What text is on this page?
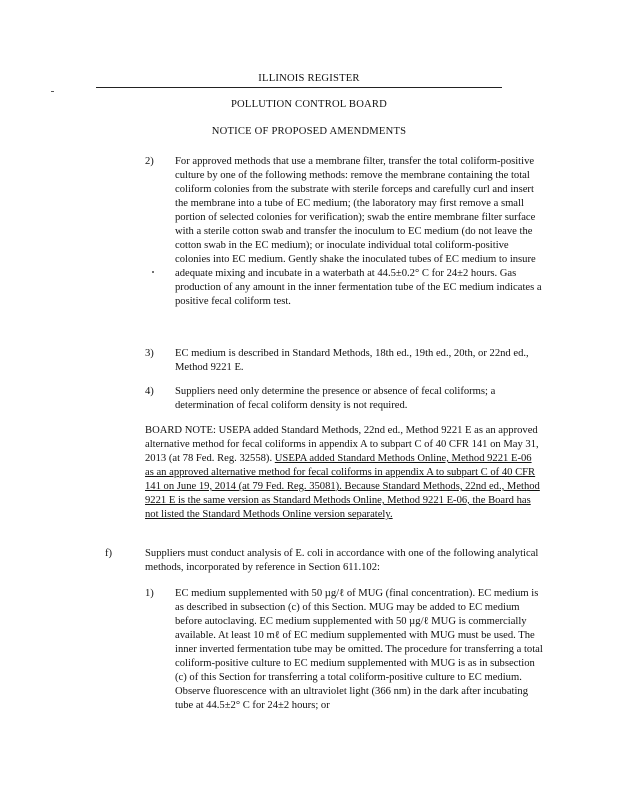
ILLINOIS REGISTER
POLLUTION CONTROL BOARD
NOTICE OF PROPOSED AMENDMENTS
2) For approved methods that use a membrane filter, transfer the total coliform-positive culture by one of the following methods: remove the membrane containing the total coliform colonies from the substrate with sterile forceps and carefully curl and insert the membrane into a tube of EC medium; (the laboratory may first remove a small portion of selected colonies for verification); swab the entire membrane filter surface with a sterile cotton swab and transfer the inoculum to EC medium (do not leave the cotton swab in the EC medium); or inoculate individual total coliform-positive colonies into EC medium. Gently shake the inoculated tubes of EC medium to insure adequate mixing and incubate in a waterbath at 44.5±0.2° C for 24±2 hours. Gas production of any amount in the inner fermentation tube of the EC medium indicates a positive fecal coliform test.
3) EC medium is described in Standard Methods, 18th ed., 19th ed., 20th, or 22nd ed., Method 9221 E.
4) Suppliers need only determine the presence or absence of fecal coliforms; a determination of fecal coliform density is not required.
BOARD NOTE: USEPA added Standard Methods, 22nd ed., Method 9221 E as an approved alternative method for fecal coliforms in appendix A to subpart C of 40 CFR 141 on May 31, 2013 (at 78 Fed. Reg. 32558). USEPA added Standard Methods Online, Method 9221 E-06 as an approved alternative method for fecal coliforms in appendix A to subpart C of 40 CFR 141 on June 19, 2014 (at 79 Fed. Reg. 35081). Because Standard Methods, 22nd ed., Method 9221 E is the same version as Standard Methods Online, Method 9221 E-06, the Board has not listed the Standard Methods Online version separately.
f)	Suppliers must conduct analysis of E. coli in accordance with one of the following analytical methods, incorporated by reference in Section 611.102:
1) EC medium supplemented with 50 µg/ℓ of MUG (final concentration). EC medium is as described in subsection (c) of this Section. MUG may be added to EC medium before autoclaving. EC medium supplemented with 50 µg/ℓ MUG is commercially available. At least 10 mℓ of EC medium supplemented with MUG must be used. The inner inverted fermentation tube may be omitted. The procedure for transferring a total coliform-positive culture to EC medium supplemented with MUG is as in subsection (c) of this Section for transferring a total coliform-positive culture to EC medium. Observe fluorescence with an ultraviolet light (366 nm) in the dark after incubating tube at 44.5±2° C for 24±2 hours; or
